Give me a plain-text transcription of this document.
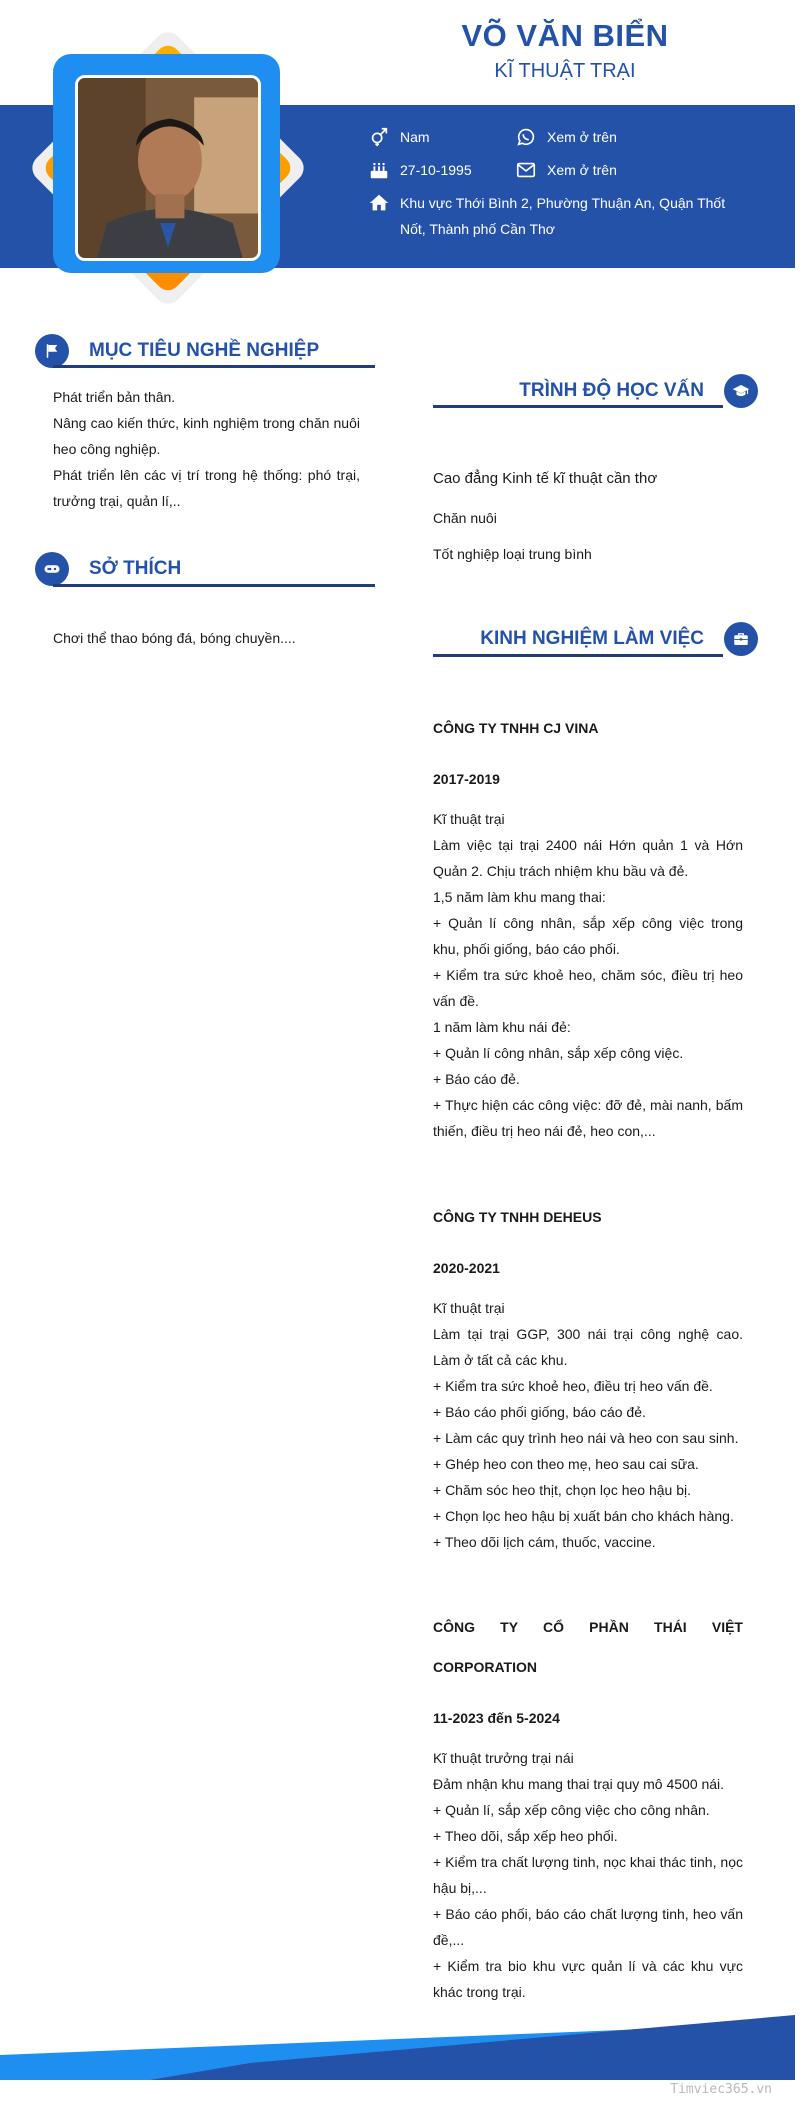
VÕ VĂN BIỂN
KĨ THUẬT TRẠI
Nam	Xem ở trên
27-10-1995	Xem ở trên
Khu vực Thới Bình 2, Phường Thuận An, Quận Thốt Nốt, Thành phố Cần Thơ
MỤC TIÊU NGHỀ NGHIỆP
Phát triển bản thân.
Nâng cao kiến thức, kinh nghiệm trong chăn nuôi heo công nghiệp.
Phát triển lên các vị trí trong hệ thống: phó trại, trưởng trại, quản lí,..
SỞ THÍCH
Chơi thể thao bóng đá, bóng chuyền....
TRÌNH ĐỘ HỌC VẤN
Cao đẳng Kinh tế kĩ thuật cần thơ
Chăn nuôi
Tốt nghiệp loại trung bình
KINH NGHIỆM LÀM VIỆC
CÔNG TY TNHH CJ VINA
2017-2019
Kĩ thuật trại
Làm việc tại trại 2400 nái Hớn quản 1 và Hớn Quản 2. Chịu trách nhiệm khu bầu và đẻ.
1,5 năm làm khu mang thai:
+ Quản lí công nhân, sắp xếp công việc trong khu, phối giống, báo cáo phối.
+ Kiểm tra sức khoẻ heo, chăm sóc, điều trị heo vấn đề.
1 năm làm khu nái đẻ:
+ Quản lí công nhân, sắp xếp công việc.
+ Báo cáo đẻ.
+ Thực hiện các công việc: đỡ đẻ, mài nanh, bấm thiến, điều trị heo nái đẻ, heo con,...
CÔNG TY TNHH DEHEUS
2020-2021
Kĩ thuật trại
Làm tại trại GGP, 300 nái trại công nghệ cao. Làm ở tất cả các khu.
+ Kiểm tra sức khoẻ heo, điều trị heo vấn đề.
+ Báo cáo phối giống, báo cáo đẻ.
+ Làm các quy trình heo nái và heo con sau sinh.
+ Ghép heo con theo mẹ, heo sau cai sữa.
+ Chăm sóc heo thịt, chọn lọc heo hậu bị.
+ Chọn lọc heo hậu bị xuất bán cho khách hàng.
+ Theo dõi lịch cám, thuốc, vaccine.
CÔNG TY CỔ PHẦN THÁI VIỆT CORPORATION
11-2023 đến 5-2024
Kĩ thuật trưởng trại nái
Đảm nhận khu mang thai trại quy mô 4500 nái.
+ Quản lí, sắp xếp công việc cho công nhân.
+ Theo dõi, sắp xếp heo phối.
+ Kiểm tra chất lượng tinh, nọc khai thác tinh, nọc hậu bị,...
+ Báo cáo phối, báo cáo chất lượng tinh, heo vấn đề,...
+ Kiểm tra bio khu vực quản lí và các khu vực khác trong trại.
Timviec365.vn
